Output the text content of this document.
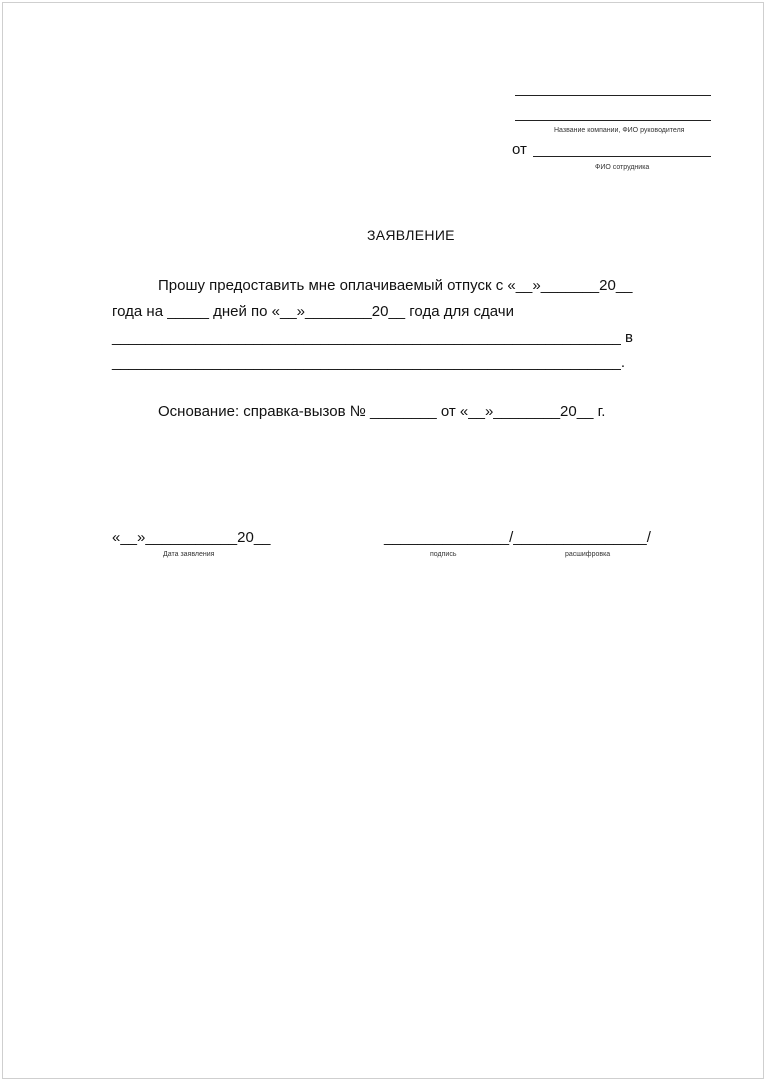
Название компании, ФИО руководителя
от
ФИО сотрудника
ЗАЯВЛЕНИЕ
Прошу предоставить мне оплачиваемый отпуск с «__»_______20__
года на _____ дней по «__»________20__ года для сдачи
_____________________________________________________________ в
_____________________________________________________________.
Основание: справка-вызов № ________ от «__»________20__ г.
«__»___________20__
Дата заявления
_______________/________________/
подпись	расшифровка
